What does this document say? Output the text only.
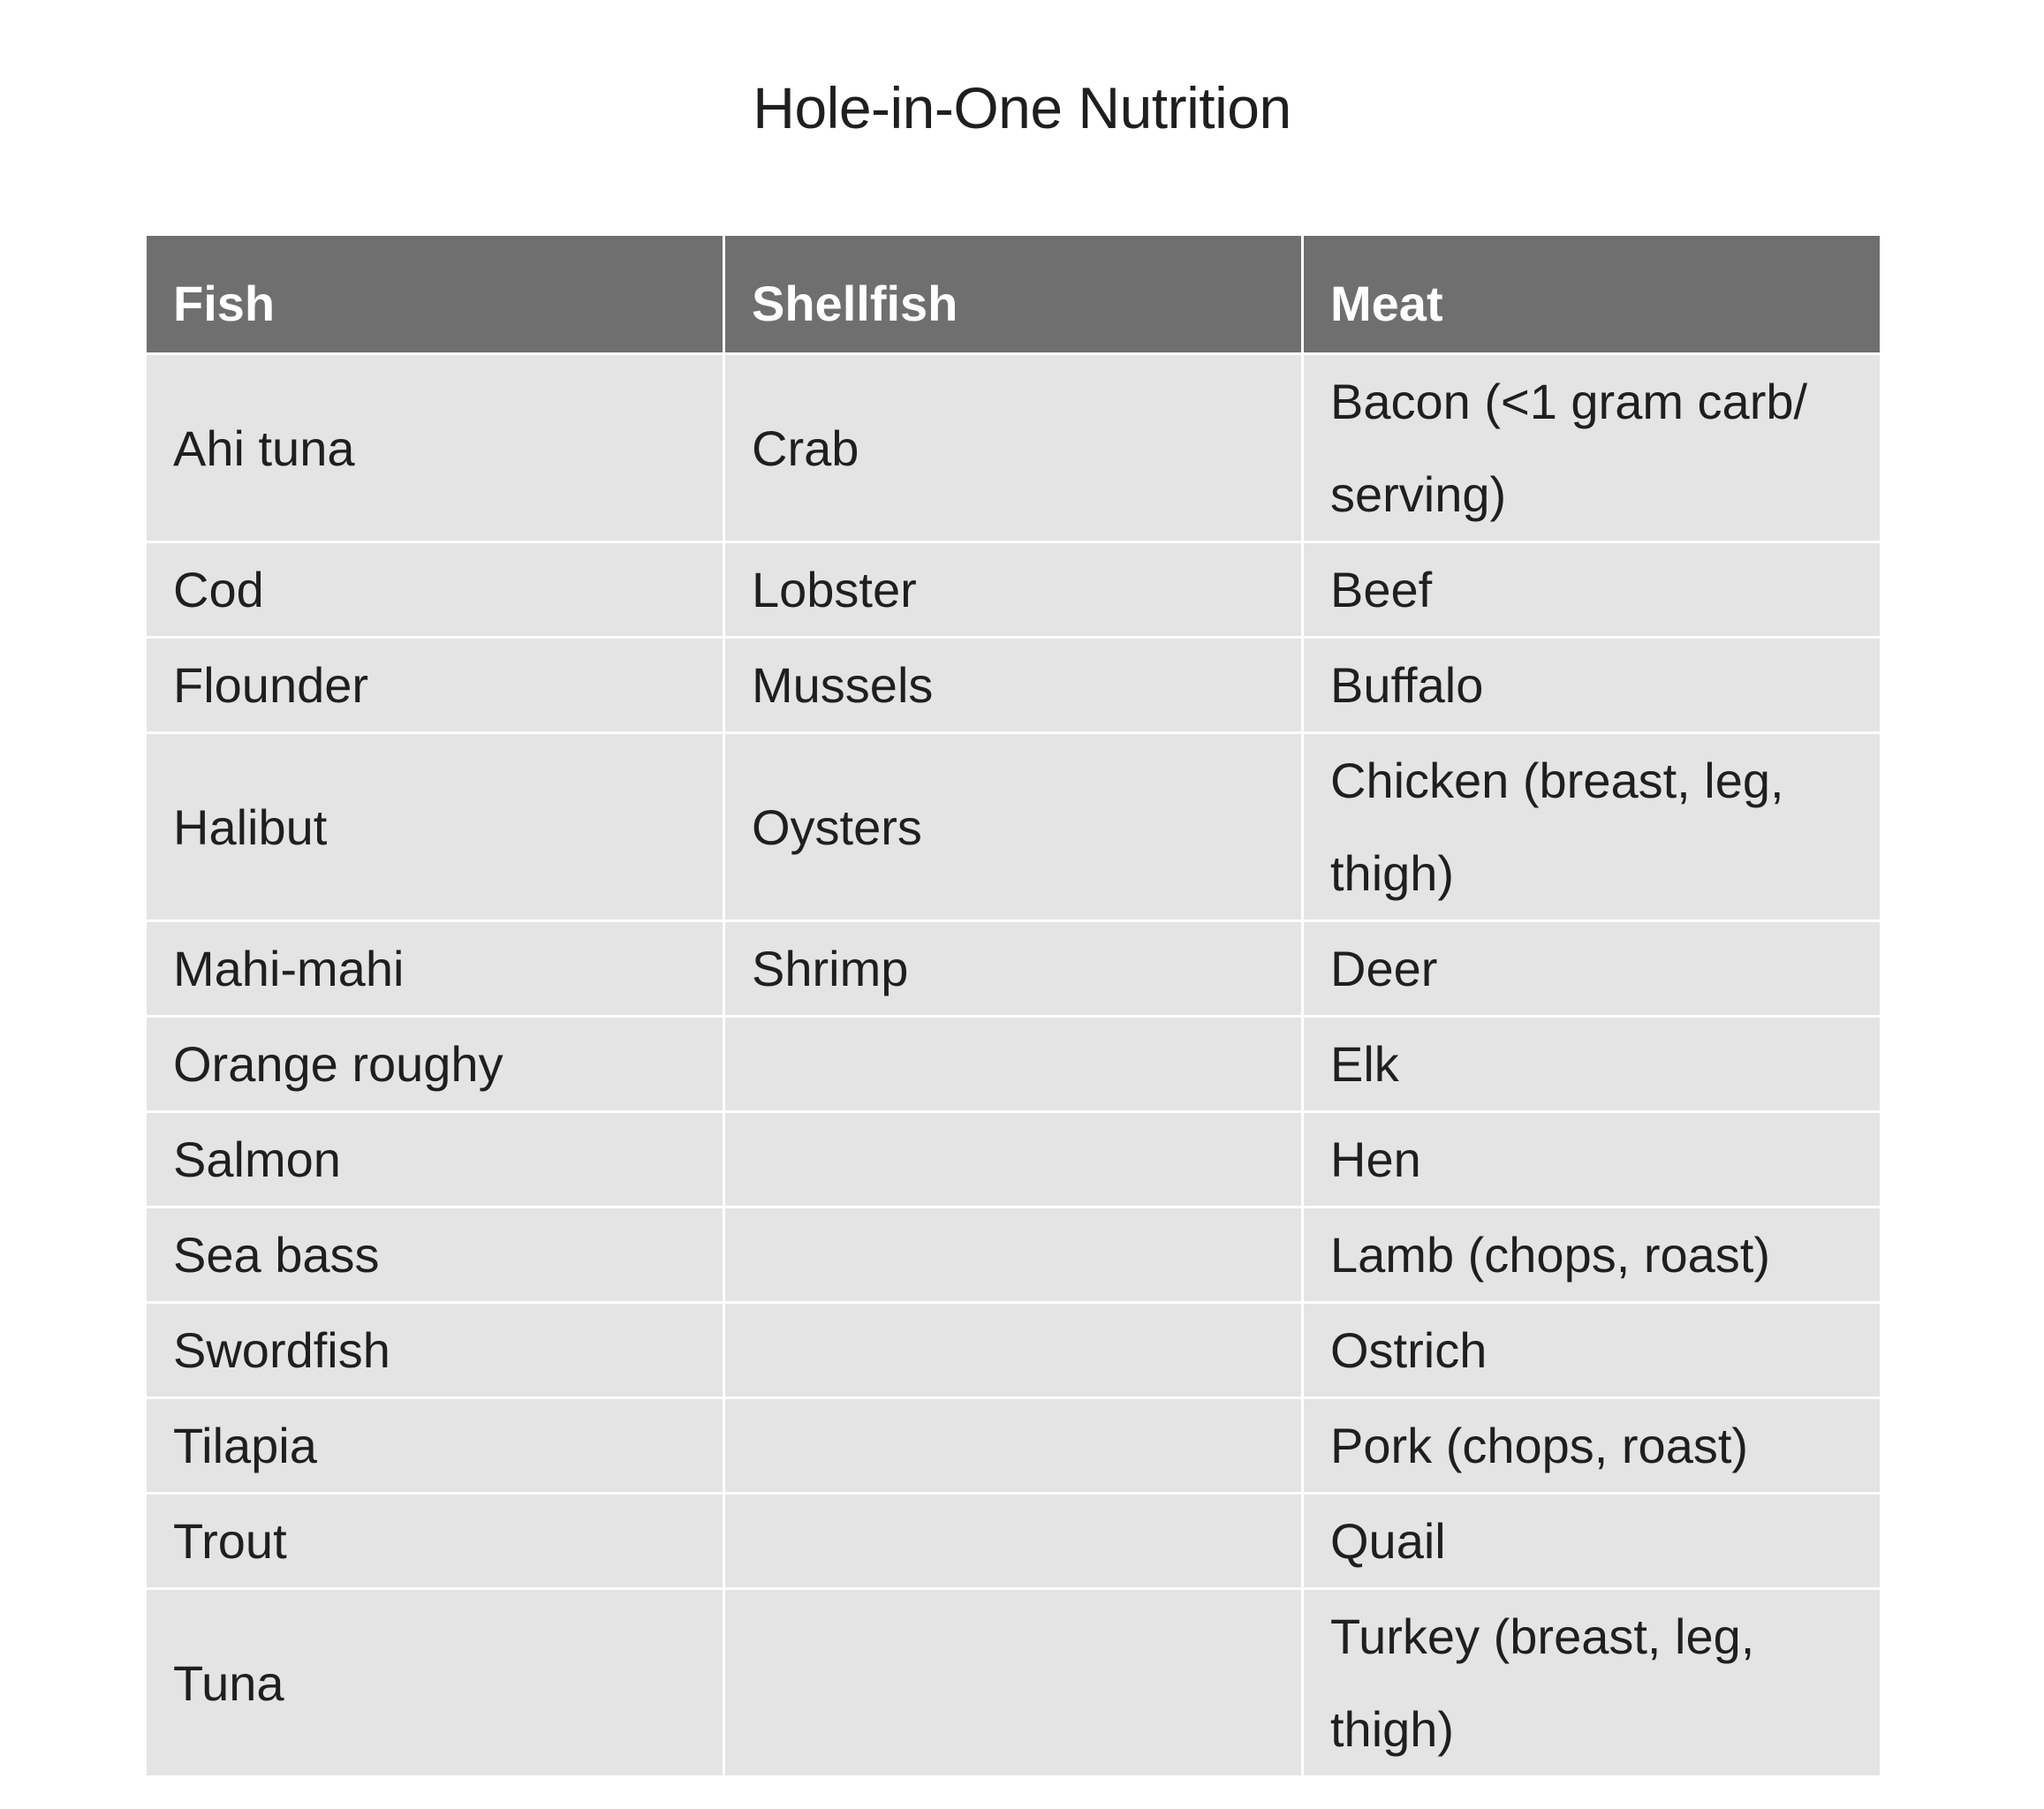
Hole-in-One Nutrition
Fish	Shellfish	Meat
Ahi tuna	Crab	Bacon (<1 gram carb/ serving)
Cod	Lobster	Beef
Flounder	Mussels	Buffalo
Halibut	Oysters	Chicken (breast, leg, thigh)
Mahi-mahi	Shrimp	Deer
Orange roughy		Elk
Salmon		Hen
Sea bass		Lamb (chops, roast)
Swordfish		Ostrich
Tilapia		Pork (chops, roast)
Trout		Quail
Tuna		Turkey (breast, leg, thigh)
